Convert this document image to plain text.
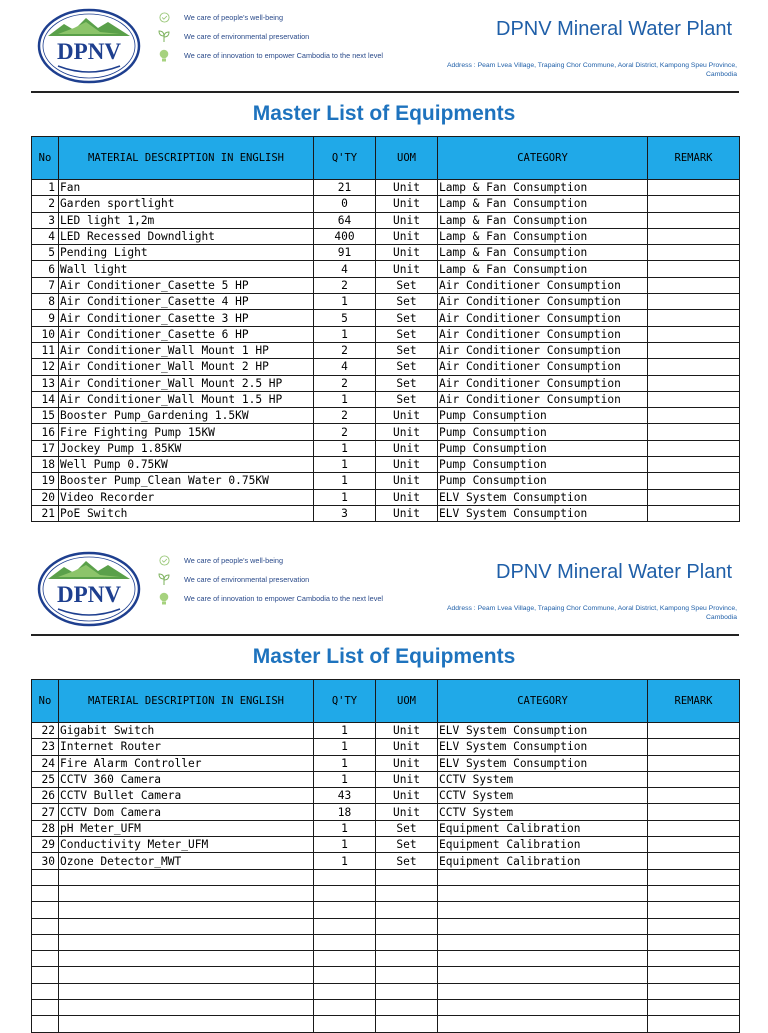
DPNV
We care of people's well-being
We care of environmental preservation
We care of innovation to empower Cambodia to the next level
DPNV Mineral Water Plant
Address : Peam Lvea Village, Trapaing Chor Commune, Aoral District, Kampong Speu Province, Cambodia
Master List of Equipments
No	MATERIAL DESCRIPTION IN ENGLISH	Q'TY	UOM	CATEGORY	REMARK
1	Fan	21	Unit	Lamp & Fan Consumption	
2	Garden sportlight	0	Unit	Lamp & Fan Consumption	
3	LED light 1,2m	64	Unit	Lamp & Fan Consumption	
4	LED Recessed Downdlight	400	Unit	Lamp & Fan Consumption	
5	Pending Light	91	Unit	Lamp & Fan Consumption	
6	Wall light	4	Unit	Lamp & Fan Consumption	
7	Air Conditioner_Casette 5 HP	2	Set	Air Conditioner Consumption	
8	Air Conditioner_Casette 4 HP	1	Set	Air Conditioner Consumption	
9	Air Conditioner_Casette 3 HP	5	Set	Air Conditioner Consumption	
10	Air Conditioner_Casette 6 HP	1	Set	Air Conditioner Consumption	
11	Air Conditioner_Wall Mount 1 HP	2	Set	Air Conditioner Consumption	
12	Air Conditioner_Wall Mount 2 HP	4	Set	Air Conditioner Consumption	
13	Air Conditioner_Wall Mount 2.5 HP	2	Set	Air Conditioner Consumption	
14	Air Conditioner_Wall Mount 1.5 HP	1	Set	Air Conditioner Consumption	
15	Booster Pump_Gardening 1.5KW	2	Unit	Pump Consumption	
16	Fire Fighting Pump 15KW	2	Unit	Pump Consumption	
17	Jockey Pump 1.85KW	1	Unit	Pump Consumption	
18	Well Pump 0.75KW	1	Unit	Pump Consumption	
19	Booster Pump_Clean Water 0.75KW	1	Unit	Pump Consumption	
20	Video Recorder	1	Unit	ELV System Consumption	
21	PoE Switch	3	Unit	ELV System Consumption	
DPNV
We care of people's well-being
We care of environmental preservation
We care of innovation to empower Cambodia to the next level
DPNV Mineral Water Plant
Address : Peam Lvea Village, Trapaing Chor Commune, Aoral District, Kampong Speu Province, Cambodia
Master List of Equipments
No	MATERIAL DESCRIPTION IN ENGLISH	Q'TY	UOM	CATEGORY	REMARK
22	Gigabit Switch	1	Unit	ELV System Consumption	
23	Internet Router	1	Unit	ELV System Consumption	
24	Fire Alarm Controller	1	Unit	ELV System Consumption	
25	CCTV 360 Camera	1	Unit	CCTV System	
26	CCTV Bullet Camera	43	Unit	CCTV System	
27	CCTV Dom Camera	18	Unit	CCTV System	
28	pH Meter_UFM	1	Set	Equipment Calibration	
29	Conductivity Meter_UFM	1	Set	Equipment Calibration	
30	Ozone Detector_MWT	1	Set	Equipment Calibration	
